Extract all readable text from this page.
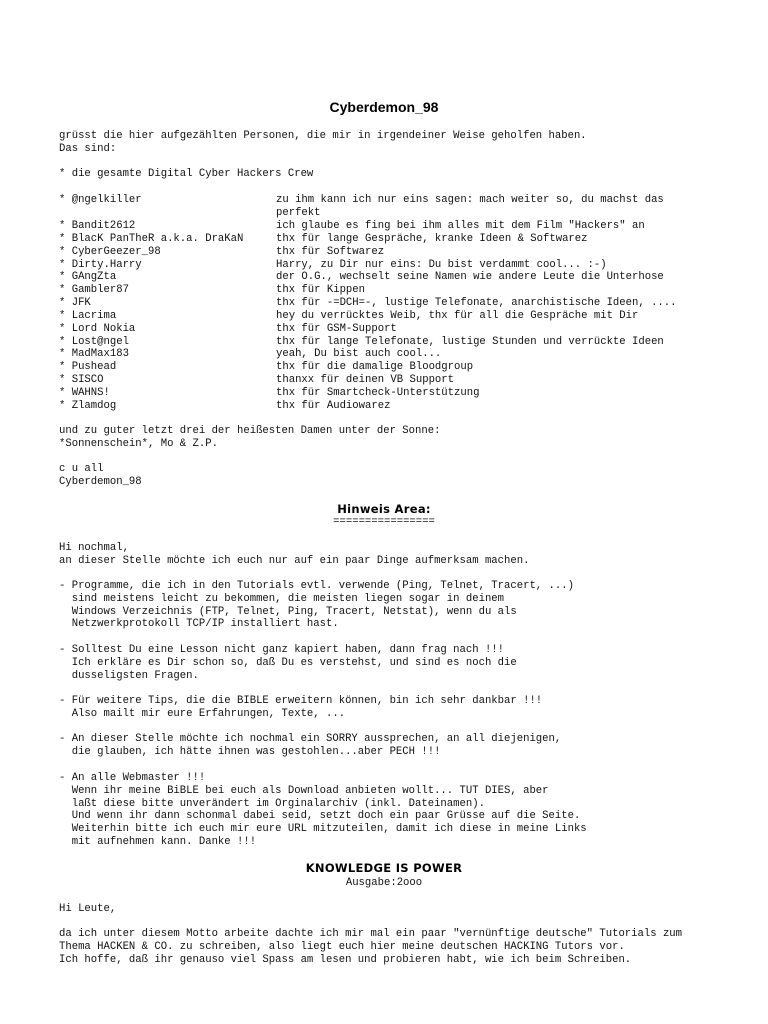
Cyberdemon_98
grüsst die hier aufgezählten Personen, die mir in irgendeiner Weise geholfen haben.
Das sind:
* die gesamte Digital Cyber Hackers Crew
* @ngelkiller	zu ihm kann ich nur eins sagen: mach weiter so, du machst das
perfekt
* Bandit2612	ich glaube es fing bei ihm alles mit dem Film "Hackers" an
* BlacK PanTheR a.k.a. DraKaN	thx für lange Gespräche, kranke Ideen & Softwarez
* CyberGeezer_98	thx für Softwarez
* Dirty.Harry	Harry, zu Dir nur eins: Du bist verdammt cool... :-)
* GAngZta	der O.G., wechselt seine Namen wie andere Leute die Unterhose
* Gambler87	thx für Kippen
* JFK	thx für -=DCH=-, lustige Telefonate, anarchistische Ideen, ....
* Lacrima	hey du verrücktes Weib, thx für all die Gespräche mit Dir
* Lord Nokia	thx für GSM-Support
* Lost@ngel	thx für lange Telefonate, lustige Stunden und verrückte Ideen
* MadMax183	yeah, Du bist auch cool...
* Pushead	thx für die damalige Bloodgroup
* SISCO	thanxx für deinen VB Support
* WAHNS!	thx für Smartcheck-Unterstützung
* Zlamdog	thx für Audiowarez
und zu guter letzt drei der heißesten Damen unter der Sonne:
*Sonnenschein*, Mo & Z.P.
c u all
Cyberdemon_98
Hinweis Area:
================
Hi nochmal,
an dieser Stelle möchte ich euch nur auf ein paar Dinge aufmerksam machen.
- Programme, die ich in den Tutorials evtl. verwende (Ping, Telnet, Tracert, ...)
sind meistens leicht zu bekommen, die meisten liegen sogar in deinem
Windows Verzeichnis (FTP, Telnet, Ping, Tracert, Netstat), wenn du als
Netzwerkprotokoll TCP/IP installiert hast.
- Solltest Du eine Lesson nicht ganz kapiert haben, dann frag nach !!!
Ich erkläre es Dir schon so, daß Du es verstehst, und sind es noch die
dusseligsten Fragen.
- Für weitere Tips, die die BIBLE erweitern können, bin ich sehr dankbar !!!
Also mailt mir eure Erfahrungen, Texte, ...
- An dieser Stelle möchte ich nochmal ein SORRY aussprechen, an all diejenigen,
die glauben, ich hätte ihnen was gestohlen...aber PECH !!!
- An alle Webmaster !!!
Wenn ihr meine BiBLE bei euch als Download anbieten wollt... TUT DIES, aber
laßt diese bitte unverändert im Orginalarchiv (inkl. Dateinamen).
Und wenn ihr dann schonmal dabei seid, setzt doch ein paar Grüsse auf die Seite.
Weiterhin bitte ich euch mir eure URL mitzuteilen, damit ich diese in meine Links
mit aufnehmen kann. Danke !!!
KNOWLEDGE IS POWER
Ausgabe:2ooo
Hi Leute,
da ich unter diesem Motto arbeite dachte ich mir mal ein paar "vernünftige deutsche" Tutorials zum
Thema HACKEN & CO. zu schreiben, also liegt euch hier meine deutschen HACKING Tutors vor.
Ich hoffe, daß ihr genauso viel Spass am lesen und probieren habt, wie ich beim Schreiben.
